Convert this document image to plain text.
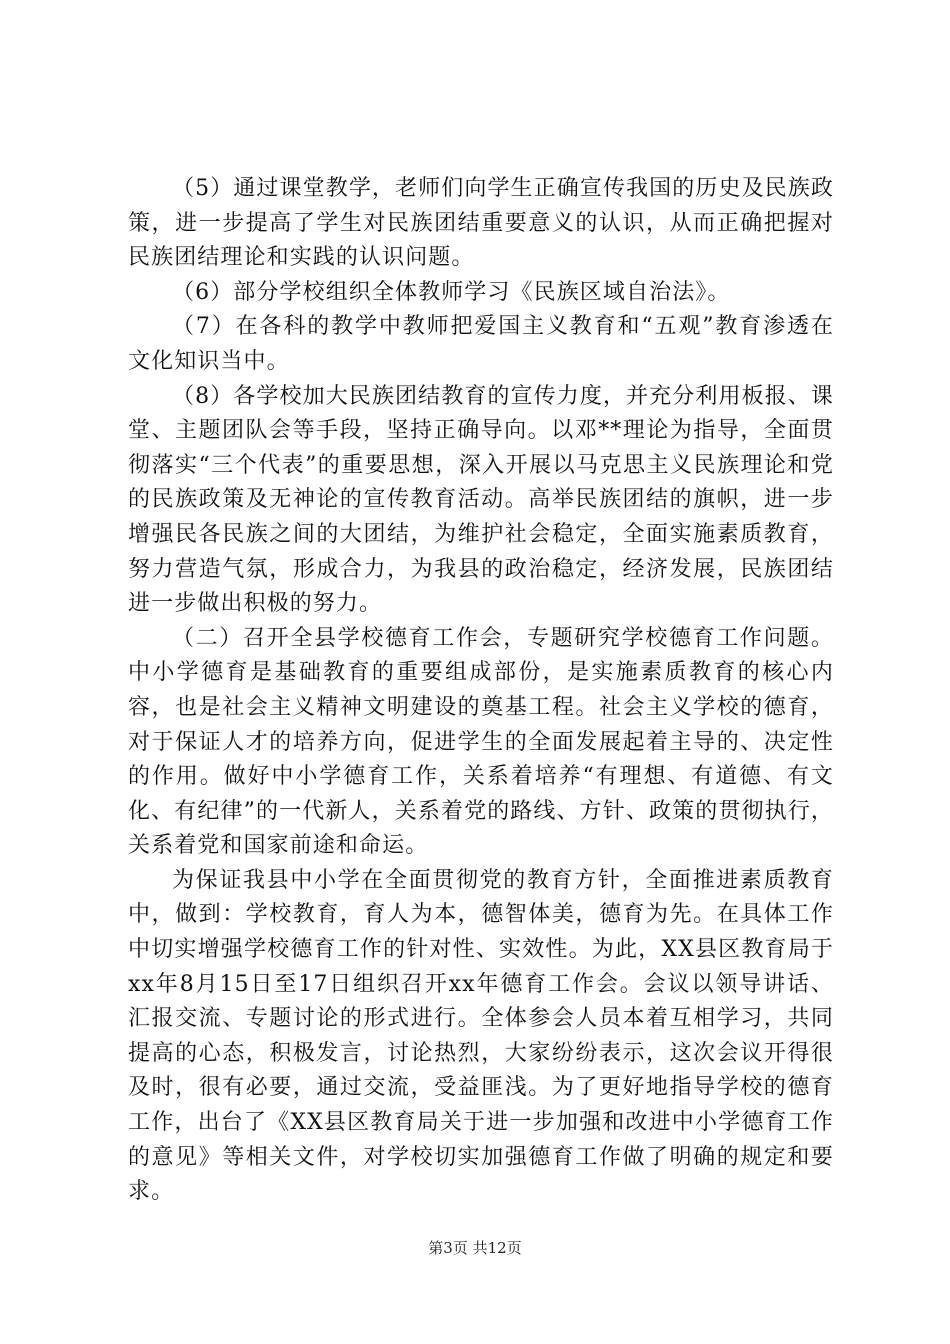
（5）通过课堂教学，老师们向学生正确宣传我国的历史及民族政策，进一步提高了学生对民族团结重要意义的认识，从而正确把握对民族团结理论和实践的认识问题。

（6）部分学校组织全体教师学习《民族区域自治法》。

（7）在各科的教学中教师把爱国主义教育和“五观”教育渗透在文化知识当中。

（8）各学校加大民族团结教育的宣传力度，并充分利用板报、课堂、主题团队会等手段，坚持正确导向。以邓**理论为指导，全面贯彻落实“三个代表”的重要思想，深入开展以马克思主义民族理论和党的民族政策及无神论的宣传教育活动。高举民族团结的旗帜，进一步增强民各民族之间的大团结，为维护社会稳定，全面实施素质教育，努力营造气氛，形成合力，为我县的政治稳定，经济发展，民族团结进一步做出积极的努力。

（二）召开全县学校德育工作会，专题研究学校德育工作问题。中小学德育是基础教育的重要组成部份，是实施素质教育的核心内容，也是社会主义精神文明建设的奠基工程。社会主义学校的德育，对于保证人才的培养方向，促进学生的全面发展起着主导的、决定性的作用。做好中小学德育工作，关系着培养“有理想、有道德、有文化、有纪律”的一代新人，关系着党的路线、方针、政策的贯彻执行，关系着党和国家前途和命运。

为保证我县中小学在全面贯彻党的教育方针，全面推进素质教育中，做到：学校教育，育人为本，德智体美，德育为先。在具体工作中切实增强学校德育工作的针对性、实效性。为此，XX县区教育局于xx年8月15日至17日组织召开xx年德育工作会。会议以领导讲话、汇报交流、专题讨论的形式进行。全体参会人员本着互相学习，共同提高的心态，积极发言，讨论热烈，大家纷纷表示，这次会议开得很及时，很有必要，通过交流，受益匪浅。为了更好地指导学校的德育工作，出台了《XX县区教育局关于进一步加强和改进中小学德育工作的意见》等相关文件，对学校切实加强德育工作做了明确的规定和要求。

第3页 共12页
